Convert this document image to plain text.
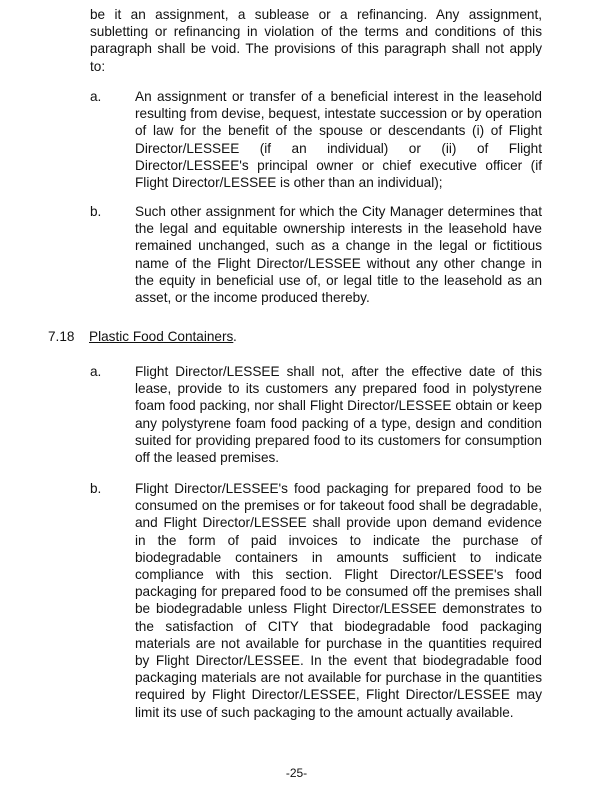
be it an assignment, a sublease or a refinancing. Any assignment, subletting or refinancing in violation of the terms and conditions of this paragraph shall be void. The provisions of this paragraph shall not apply to:

a. An assignment or transfer of a beneficial interest in the leasehold resulting from devise, bequest, intestate succession or by operation of law for the benefit of the spouse or descendants (i) of Flight Director/LESSEE (if an individual) or (ii) of Flight Director/LESSEE's principal owner or chief executive officer (if Flight Director/LESSEE is other than an individual);

b. Such other assignment for which the City Manager determines that the legal and equitable ownership interests in the leasehold have remained unchanged, such as a change in the legal or fictitious name of the Flight Director/LESSEE without any other change in the equity in beneficial use of, or legal title to the leasehold as an asset, or the income produced thereby.

7.18 Plastic Food Containers .
a. Flight Director/LESSEE shall not, after the effective date of this lease, provide to its customers any prepared food in polystyrene foam food packing, nor shall Flight Director/LESSEE obtain or keep any polystyrene foam food packing of a type, design and condition suited for providing prepared food to its customers for consumption off the leased premises.

b. Flight Director/LESSEE's food packaging for prepared food to be consumed on the premises or for takeout food shall be degradable, and Flight Director/LESSEE shall provide upon demand evidence in the form of paid invoices to indicate the purchase of biodegradable containers in amounts sufficient to indicate compliance with this section. Flight Director/LESSEE's food packaging for prepared food to be consumed off the premises shall be biodegradable unless Flight Director/LESSEE demonstrates to the satisfaction of CITY that biodegradable food packaging materials are not available for purchase in the quantities required by Flight Director/LESSEE. In the event that biodegradable food packaging materials are not available for purchase in the quantities required by Flight Director/LESSEE, Flight Director/LESSEE may limit its use of such packaging to the amount actually available.

-25-
